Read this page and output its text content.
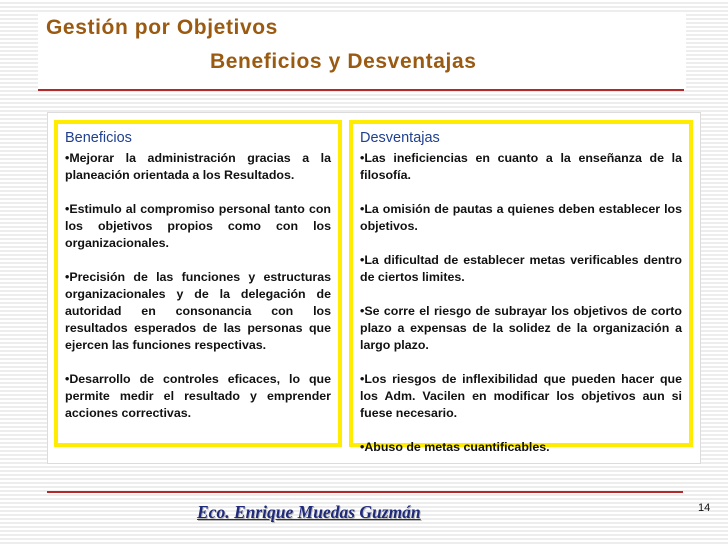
Gestión por Objetivos
Beneficios y Desventajas
Beneficios
•Mejorar la administración gracias a la planeación orientada a los Resultados.
•Estimulo al compromiso personal tanto con los objetivos propios como con los organizacionales.
•Precisión de las funciones y estructuras organizacionales y de la delegación de autoridad en consonancia con los resultados esperados de las personas que ejercen las funciones respectivas.
•Desarrollo de controles eficaces, lo que permite medir el resultado y emprender acciones correctivas.
Desventajas
•Las ineficiencias en cuanto a la enseñanza de la filosofía.
•La omisión de pautas a quienes deben establecer los objetivos.
•La dificultad de establecer metas verificables dentro de ciertos limites.
•Se corre el riesgo de subrayar los objetivos de corto plazo a expensas de la solidez de la organización a largo plazo.
•Los riesgos de inflexibilidad que pueden hacer que los Adm. Vacilen en modificar los objetivos aun si fuese necesario.
•Abuso de metas cuantificables.
Eco. Enrique Muedas Guzmán	14
